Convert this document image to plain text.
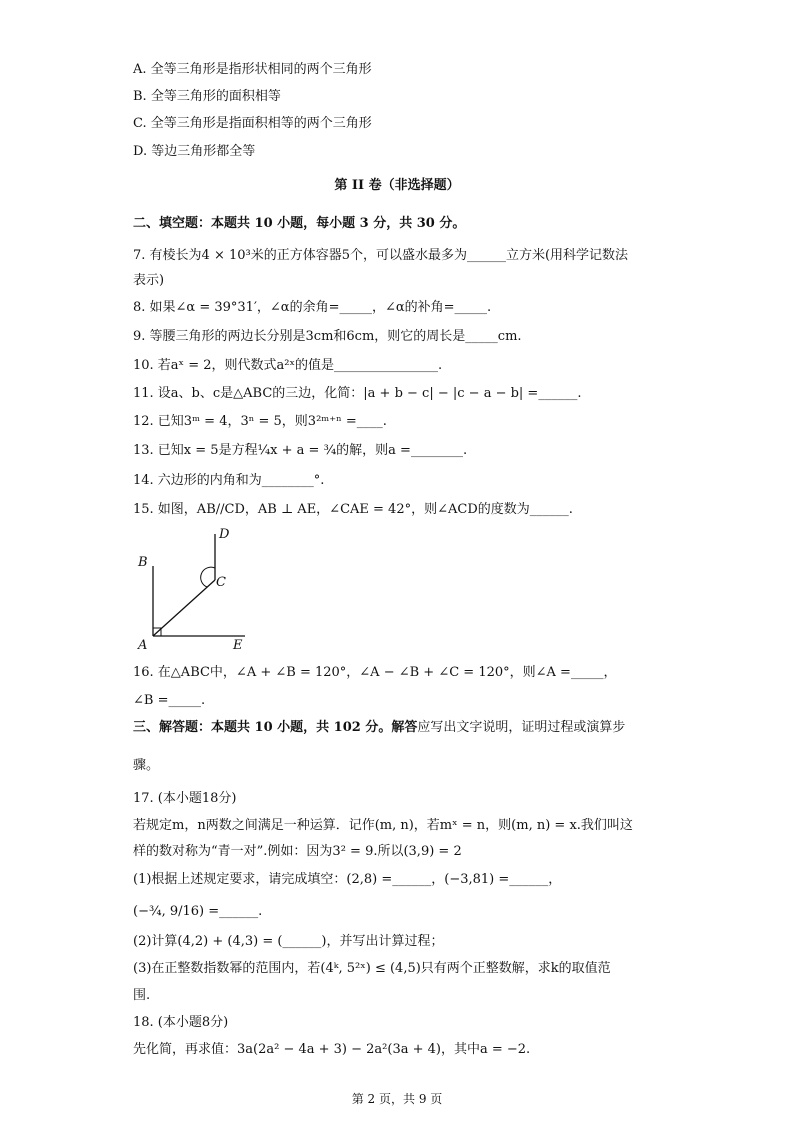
A. 全等三角形是指形状相同的两个三角形
B. 全等三角形的面积相等
C. 全等三角形是指面积相等的两个三角形
D. 等边三角形都全等
第 II 卷（非选择题）
二、填空题：本题共 10 小题，每小题 3 分，共 30 分。
7. 有棱长为4 × 10³米的正方体容器5个，可以盛水最多为______立方米(用科学记数法
表示)
8. 如果∠α = 39°31′，∠α的余角=_____，∠α的补角=_____.
9. 等腰三角形的两边长分别是3cm和6cm，则它的周长是_____cm.
10. 若aˣ = 2，则代数式a²ˣ的值是________________.
11. 设a、b、c是△ABC的三边，化简：|a + b − c| − |c − a − b| =______.
12. 已知3ᵐ = 4，3ⁿ = 5，则3²ᵐ⁺ⁿ =____.
13. 已知x = 5是方程¼x + a = ¾的解，则a =________.
14. 六边形的内角和为________°.
15. 如图，AB//CD，AB ⊥ AE，∠CAE = 42°，则∠ACD的度数为______.
D
B
C
A	E
16. 在△ABC中，∠A + ∠B = 120°，∠A − ∠B + ∠C = 120°，则∠A =_____，
∠B =_____.
三、解答题：本题共 10 小题，共 102 分。解答应写出文字说明，证明过程或演算步
骤。
17. (本小题18分)
若规定m，n两数之间满足一种运算．记作(m, n)，若mˣ = n，则(m, n) = x.我们叫这
样的数对称为“青一对”.例如：因为3² = 9.所以(3,9) = 2
(1)根据上述规定要求，请完成填空：(2,8) =______，(−3,81) =______，
(−¾, 9/16) =______.
(2)计算(4,2) + (4,3) = (______)，并写出计算过程；
(3)在正整数指数幂的范围内，若(4ᵏ, 5²ˣ) ≤ (4,5)只有两个正整数解，求k的取值范
围.
18. (本小题8分)
先化简，再求值：3a(2a² − 4a + 3) − 2a²(3a + 4)，其中a = −2.
第 2 页，共 9 页
